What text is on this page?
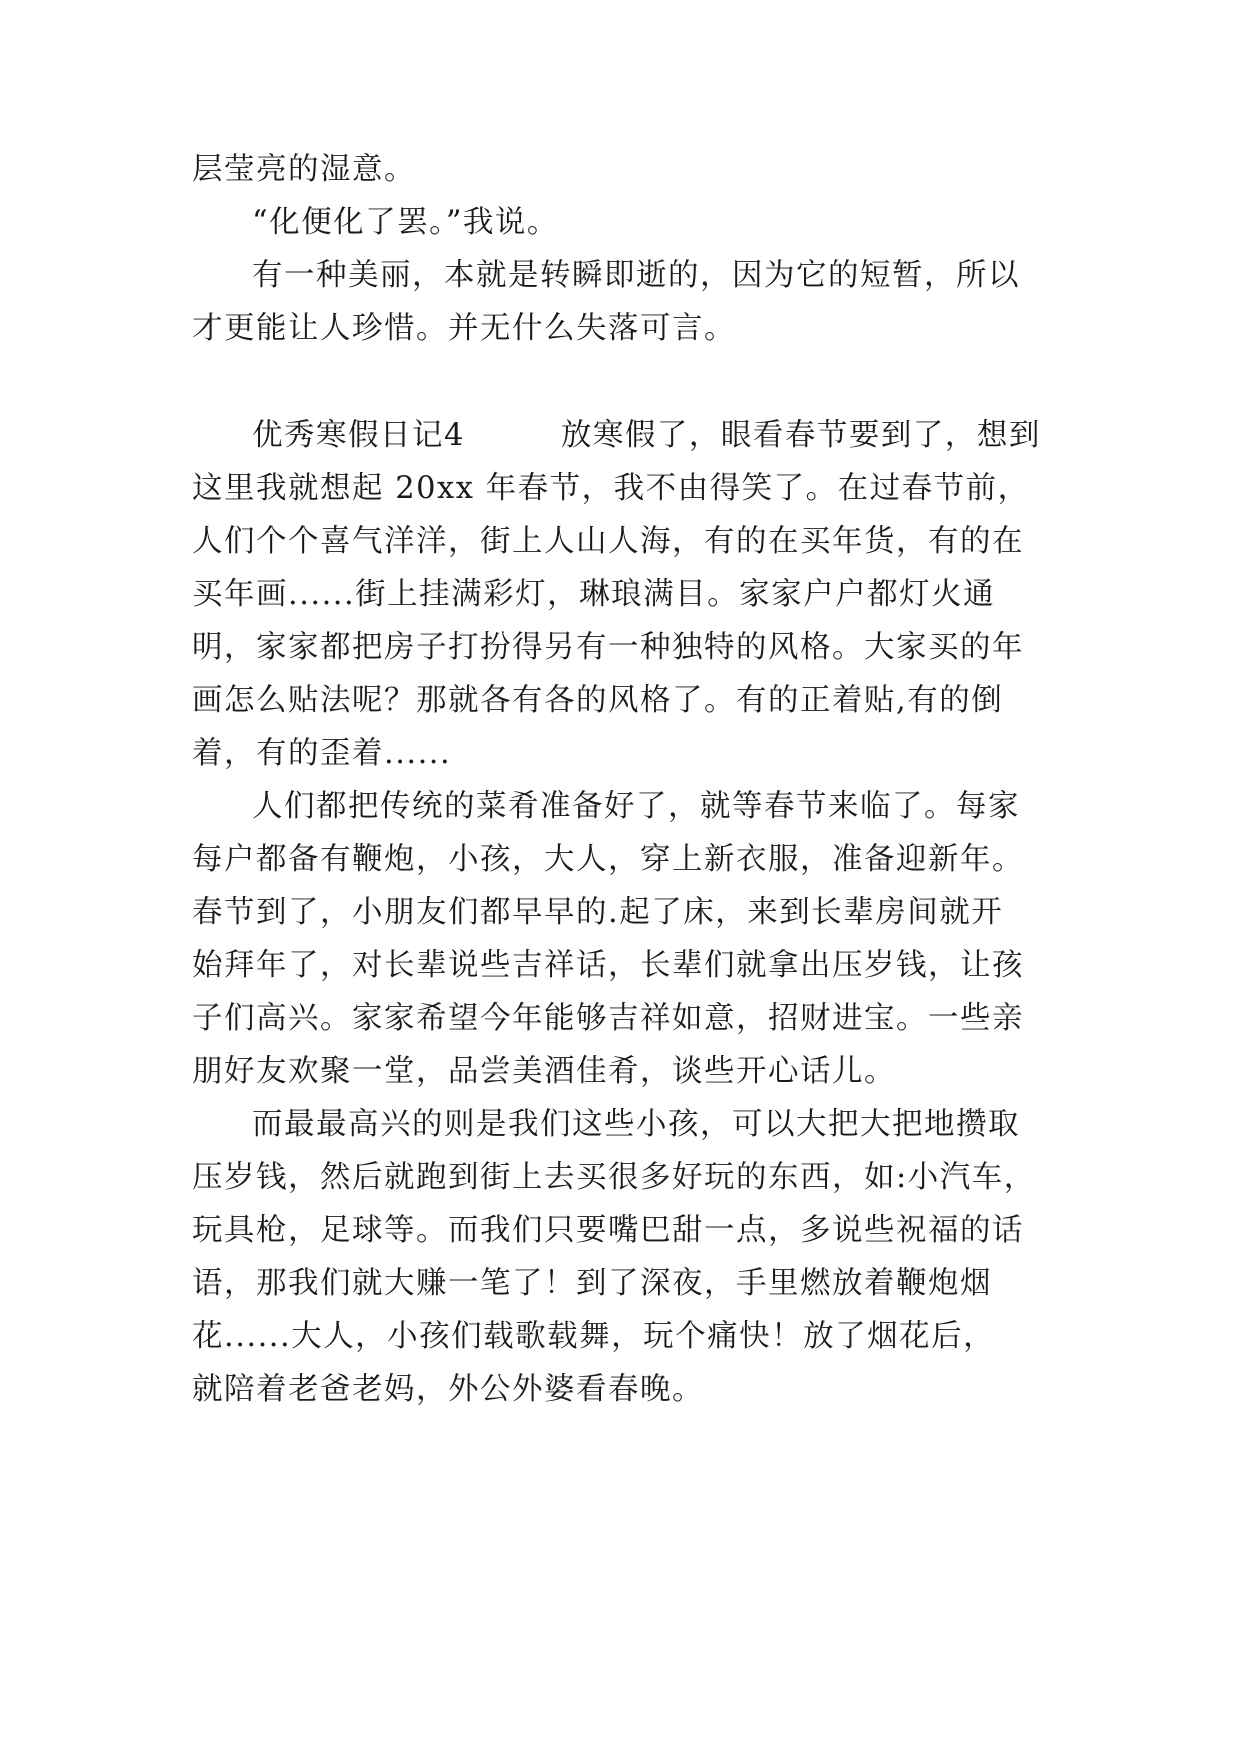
层莹亮的湿意。
“化便化了罢。”我说。
有一种美丽，本就是转瞬即逝的，因为它的短暂，所以
才更能让人珍惜。并无什么失落可言。
优秀寒假日记4　　　放寒假了，眼看春节要到了，想到
这里我就想起 20xx 年春节，我不由得笑了。在过春节前，
人们个个喜气洋洋，街上人山人海，有的在买年货，有的在
买年画......街上挂满彩灯，琳琅满目。家家户户都灯火通
明，家家都把房子打扮得另有一种独特的风格。大家买的年
画怎么贴法呢？那就各有各的风格了。有的正着贴,有的倒
着，有的歪着......
人们都把传统的菜肴准备好了，就等春节来临了。每家
每户都备有鞭炮，小孩，大人，穿上新衣服，准备迎新年。
春节到了，小朋友们都早早的.起了床，来到长辈房间就开
始拜年了，对长辈说些吉祥话，长辈们就拿出压岁钱，让孩
子们高兴。家家希望今年能够吉祥如意，招财进宝。一些亲
朋好友欢聚一堂，品尝美酒佳肴，谈些开心话儿。
而最最高兴的则是我们这些小孩，可以大把大把地攒取
压岁钱，然后就跑到街上去买很多好玩的东西，如:小汽车，
玩具枪，足球等。而我们只要嘴巴甜一点，多说些祝福的话
语，那我们就大赚一笔了！到了深夜，手里燃放着鞭炮烟
花......大人，小孩们载歌载舞，玩个痛快！放了烟花后，
就陪着老爸老妈，外公外婆看春晚。
